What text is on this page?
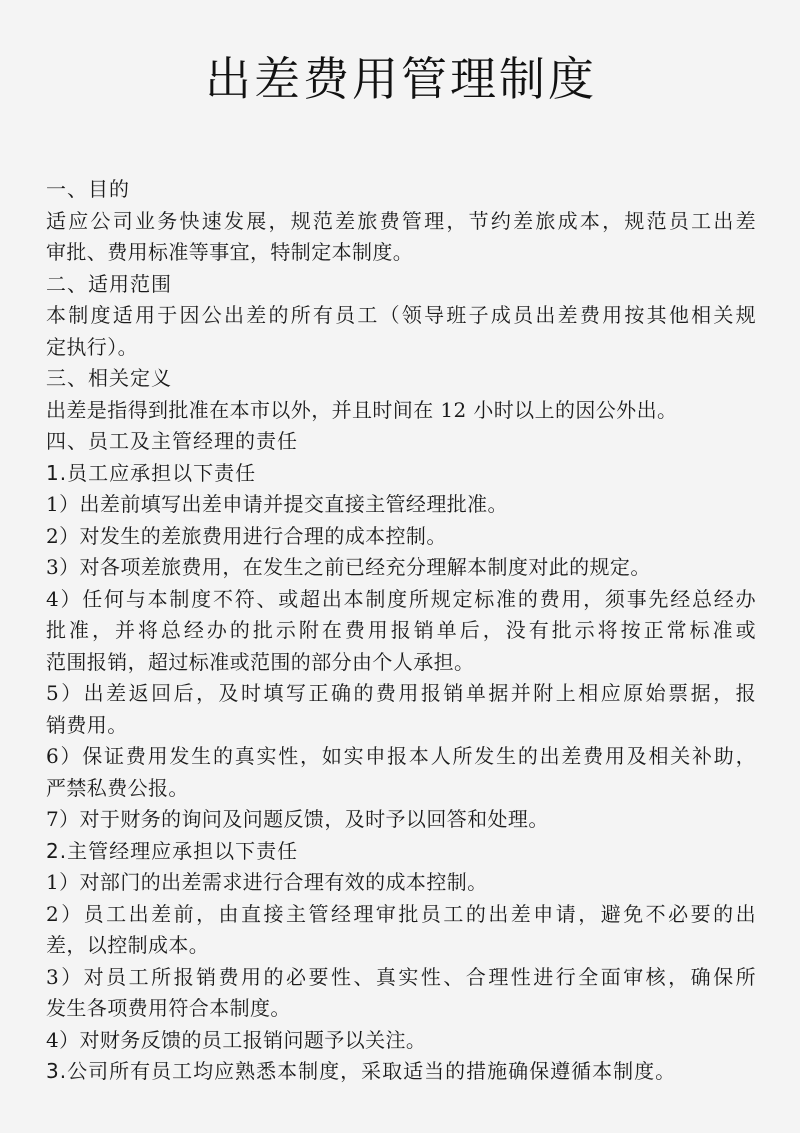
出差费用管理制度
一、目的
适应公司业务快速发展，规范差旅费管理，节约差旅成本，规范员工出差
审批、费用标准等事宜，特制定本制度。
二、适用范围
本制度适用于因公出差的所有员工（领导班子成员出差费用按其他相关规
定执行）。
三、相关定义
出差是指得到批准在本市以外，并且时间在 12 小时以上的因公外出。
四、员工及主管经理的责任
1.员工应承担以下责任
1）出差前填写出差申请并提交直接主管经理批准。
2）对发生的差旅费用进行合理的成本控制。
3）对各项差旅费用，在发生之前已经充分理解本制度对此的规定。
4）任何与本制度不符、或超出本制度所规定标准的费用，须事先经总经办
批准，并将总经办的批示附在费用报销单后，没有批示将按正常标准或
范围报销，超过标准或范围的部分由个人承担。
5）出差返回后，及时填写正确的费用报销单据并附上相应原始票据，报
销费用。
6）保证费用发生的真实性，如实申报本人所发生的出差费用及相关补助，
严禁私费公报。
7）对于财务的询问及问题反馈，及时予以回答和处理。
2.主管经理应承担以下责任
1）对部门的出差需求进行合理有效的成本控制。
2）员工出差前，由直接主管经理审批员工的出差申请，避免不必要的出
差，以控制成本。
3）对员工所报销费用的必要性、真实性、合理性进行全面审核，确保所
发生各项费用符合本制度。
4）对财务反馈的员工报销问题予以关注。
3.公司所有员工均应熟悉本制度，采取适当的措施确保遵循本制度。
